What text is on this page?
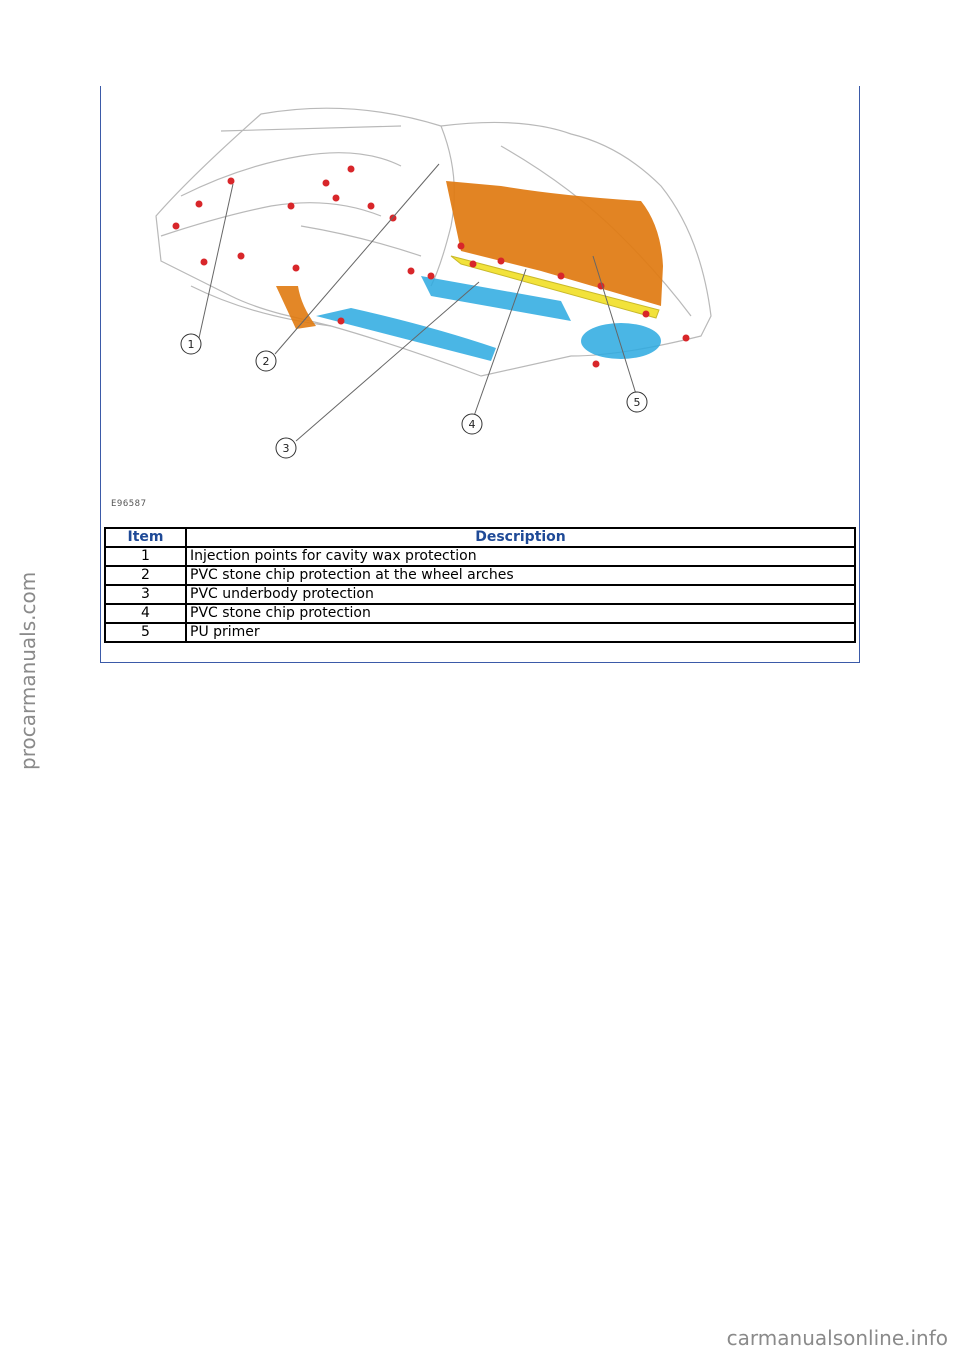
1
2
3
4
5
E96587
Item	Description
1	Injection points for cavity wax protection
2	PVC stone chip protection at the wheel arches
3	PVC underbody protection
4	PVC stone chip protection
5	PU primer
procarmanuals.com
carmanualsonline.info
